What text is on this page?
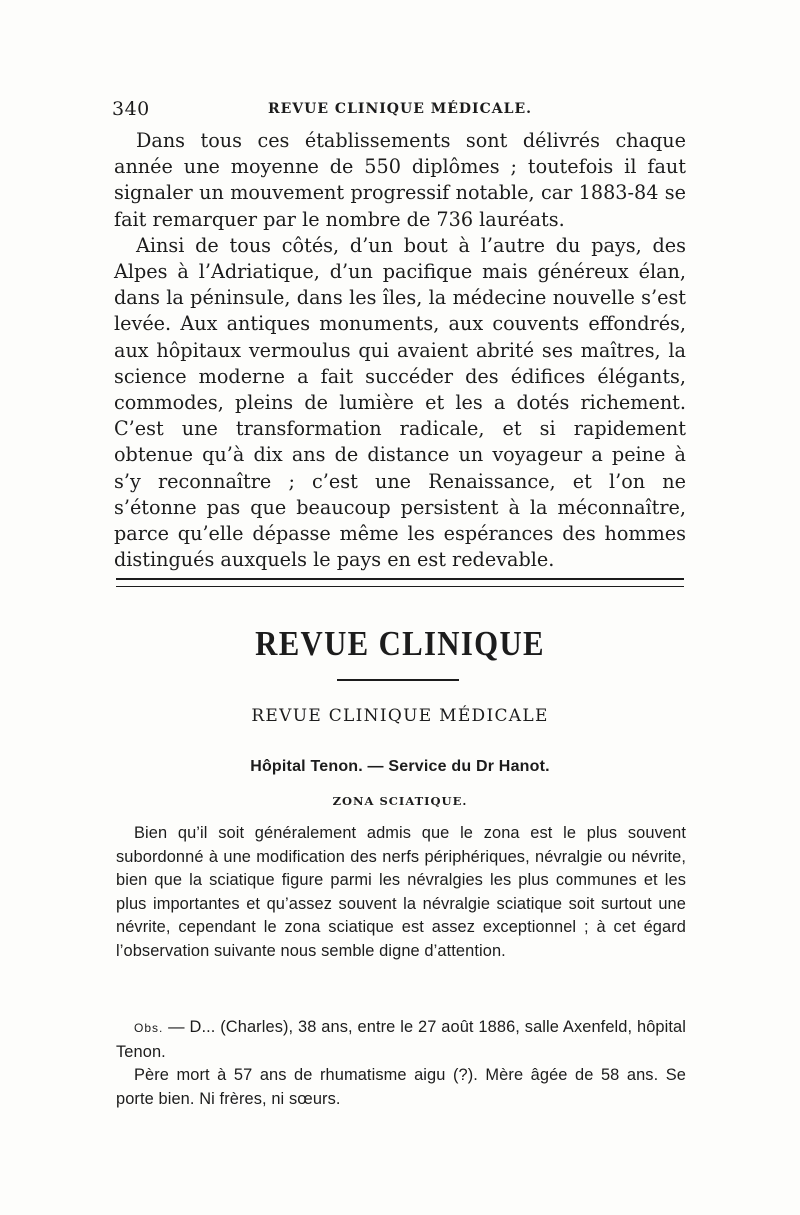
340	REVUE CLINIQUE MÉDICALE.

Dans tous ces établissements sont délivrés chaque année une moyenne de 550 diplômes ; toutefois il faut signaler un mouvement progressif notable, car 1883-84 se fait remarquer par le nombre de 736 lauréats.

Ainsi de tous côtés, d’un bout à l’autre du pays, des Alpes à l’Adriatique, d’un pacifique mais généreux élan, dans la péninsule, dans les îles, la médecine nouvelle s’est levée. Aux antiques monuments, aux couvents effondrés, aux hôpitaux vermoulus qui avaient abrité ses maîtres, la science moderne a fait succéder des édifices élégants, commodes, pleins de lumière et les a dotés richement. C’est une transformation radicale, et si rapidement obtenue qu’à dix ans de distance un voyageur a peine à s’y reconnaître ; c’est une Renaissance, et l’on ne s’étonne pas que beaucoup persistent à la méconnaître, parce qu’elle dépasse même les espérances des hommes distingués auxquels le pays en est redevable.

REVUE CLINIQUE
REVUE CLINIQUE MÉDICALE
Hôpital Tenon. — Service du Dr Hanot.
ZONA SCIATIQUE.

Bien qu’il soit généralement admis que le zona est le plus souvent subordonné à une modification des nerfs périphériques, névralgie ou névrite, bien que la sciatique figure parmi les névralgies les plus communes et les plus importantes et qu’assez souvent la névralgie sciatique soit surtout une névrite, cependant le zona sciatique est assez exceptionnel ; à cet égard l’observation suivante nous semble digne d’attention.

Obs. — D... (Charles), 38 ans, entre le 27 août 1886, salle Axenfeld, hôpital Tenon.

Père mort à 57 ans de rhumatisme aigu (?). Mère âgée de 58 ans. Se porte bien. Ni frères, ni sœurs.
